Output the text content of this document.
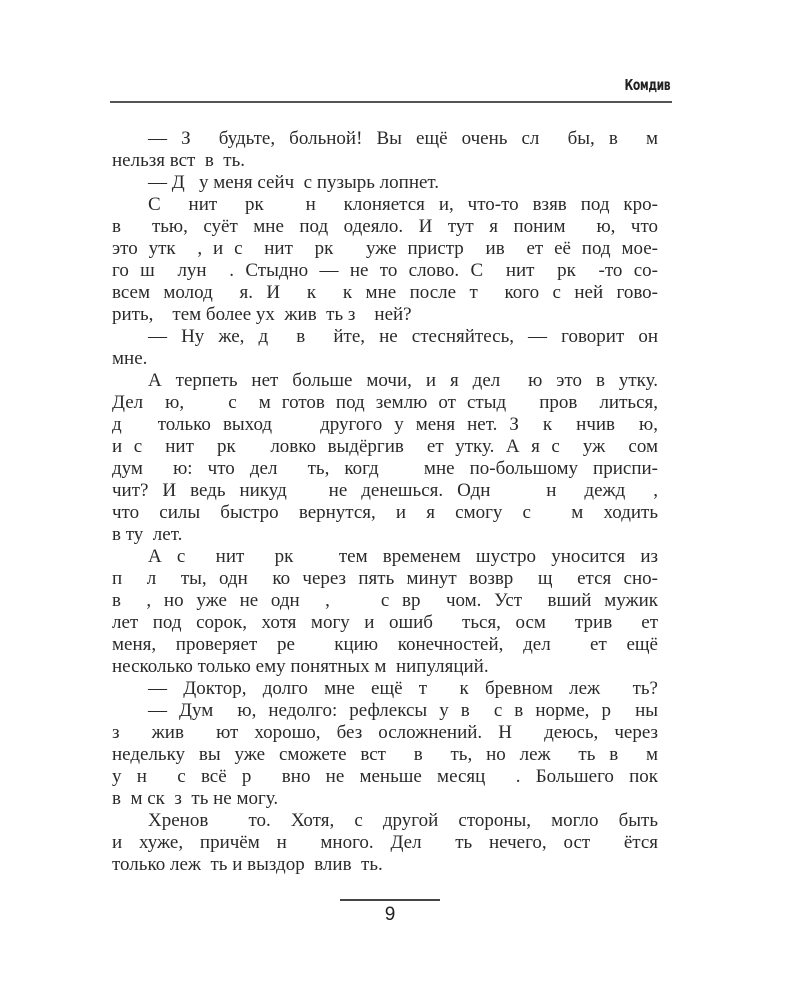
Комдив
— З  будьте, больной! Вы ещё очень сл  бы, в  м
нельзя вст  в  ть.
— Д   у меня сейч  с пузырь лопнет.
С  нит  рк   н  клоняется и, что-то взяв под кро-
в  тью, суёт мне под одеяло. И тут я поним  ю, что
это утк  , и с  нит  рк   уже пристр  ив  ет её под мое-
го ш  лун  . Стыдно — не то слово. С  нит  рк  -то со-
всем молод  я. И  к  к мне после т  кого с ней гово-
рить,    тем более ух  жив  ть з    ней?
— Ну же, д  в  йте, не стесняйтесь, — говорит он
мне.
А терпеть нет больше мочи, и я дел  ю это в утку.
Дел  ю,    с  м готов под землю от стыд   пров  литься,
д   только выход    другого у меня нет. З  к  нчив  ю,
и с  нит  рк   ловко выдёргив  ет утку. А я с  уж  сом
дум  ю: что дел  ть, когд   мне по-большому приспи-
чит? И ведь никуд   не денешься. Одн    н  дежд  ,
что силы быстро вернутся, и я смогу с  м ходить
в ту  лет.
А с  нит  рк   тем временем шустро уносится из
п  л  ты, одн  ко через пять минут возвр  щ  ется сно-
в  , но уже не одн  ,    с вр  чом. Уст  вший мужик
лет под сорок, хотя могу и ошиб  ться, осм  трив  ет
меня, проверяет ре  кцию конечностей, дел  ет ещё
несколько только ему понятных м  нипуляций.
— Доктор, долго мне ещё т  к бревном леж  ть?
— Дум  ю, недолго: рефлексы у в  с в норме, р  ны
з  жив  ют хорошо, без осложнений. Н  деюсь, через
недельку вы уже сможете вст  в  ть, но леж  ть в  м
у н  с всё р  вно не меньше месяц  . Большего пок
в  м ск  з  ть не могу.
Хренов  то. Хотя, с другой стороны, могло быть
и хуже, причём н  много. Дел  ть нечего, ост  ётся
только леж  ть и выздор  влив  ть.
9
